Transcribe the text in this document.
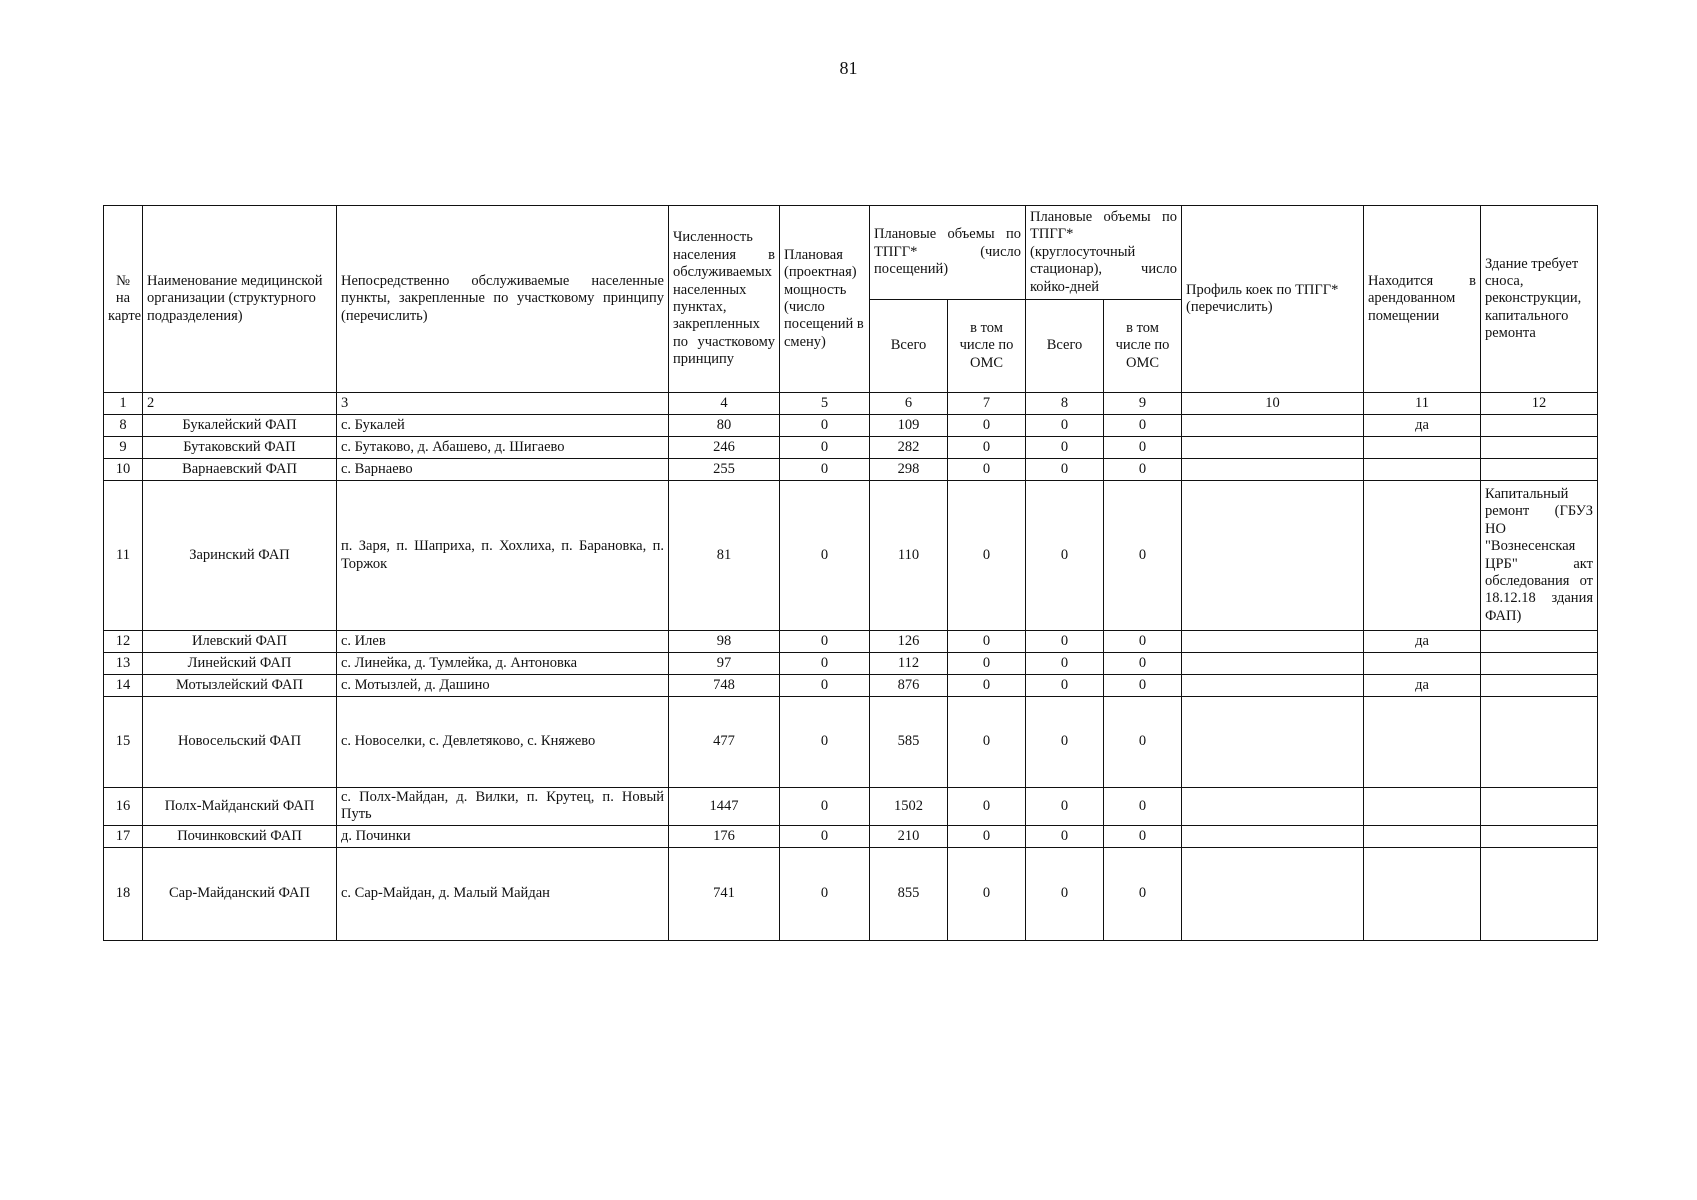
81
№ на карте	Наименование медицинской организации (структурного подразделения)	Непосредственно обслуживаемые населенные пункты, закрепленные по участковому принципу (перечислить)	Численность населения в обслуживаемых населенных пунктах, закрепленных по участковому принципу	Плановая (проектная) мощность (число посещений в смену)	Плановые объемы по ТПГГ* (число посещений)		Плановые объемы по ТПГГ* (круглосуточный стационар), число койко-дней		Профиль коек по ТПГГ* (перечислить)	Находится в арендованном помещении	Здание требует сноса, реконструкции, капитального ремонта
					Всего	в том числе по ОМС	Всего	в том числе по ОМС			
1	2	3	4	5	6	7	8	9	10	11	12
8	Букалейский ФАП	с. Букалей	80	0	109	0	0	0		да	
9	Бутаковский ФАП	с. Бутаково, д. Абашево, д. Шигаево	246	0	282	0	0	0			
10	Варнаевский ФАП	с. Варнаево	255	0	298	0	0	0			
11	Заринский ФАП	п. Заря, п. Шаприха, п. Хохлиха, п. Барановка, п. Торжок	81	0	110	0	0	0			Капитальный ремонт (ГБУЗ НО "Вознесенская ЦРБ" акт обследования от 18.12.18 здания ФАП)
12	Илевский ФАП	с. Илев	98	0	126	0	0	0		да	
13	Линейский ФАП	с. Линейка, д. Тумлейка, д. Антоновка	97	0	112	0	0	0			
14	Мотызлейский ФАП	с. Мотызлей, д. Дашино	748	0	876	0	0	0		да	
15	Новосельский ФАП	с. Новоселки, с. Девлетяково, с. Княжево	477	0	585	0	0	0			
16	Полх-Майданский ФАП	с. Полх-Майдан, д. Вилки, п. Крутец, п. Новый Путь	1447	0	1502	0	0	0			
17	Починковский ФАП	д. Починки	176	0	210	0	0	0			
18	Сар-Майданский ФАП	с. Сар-Майдан, д. Малый Майдан	741	0	855	0	0	0			
